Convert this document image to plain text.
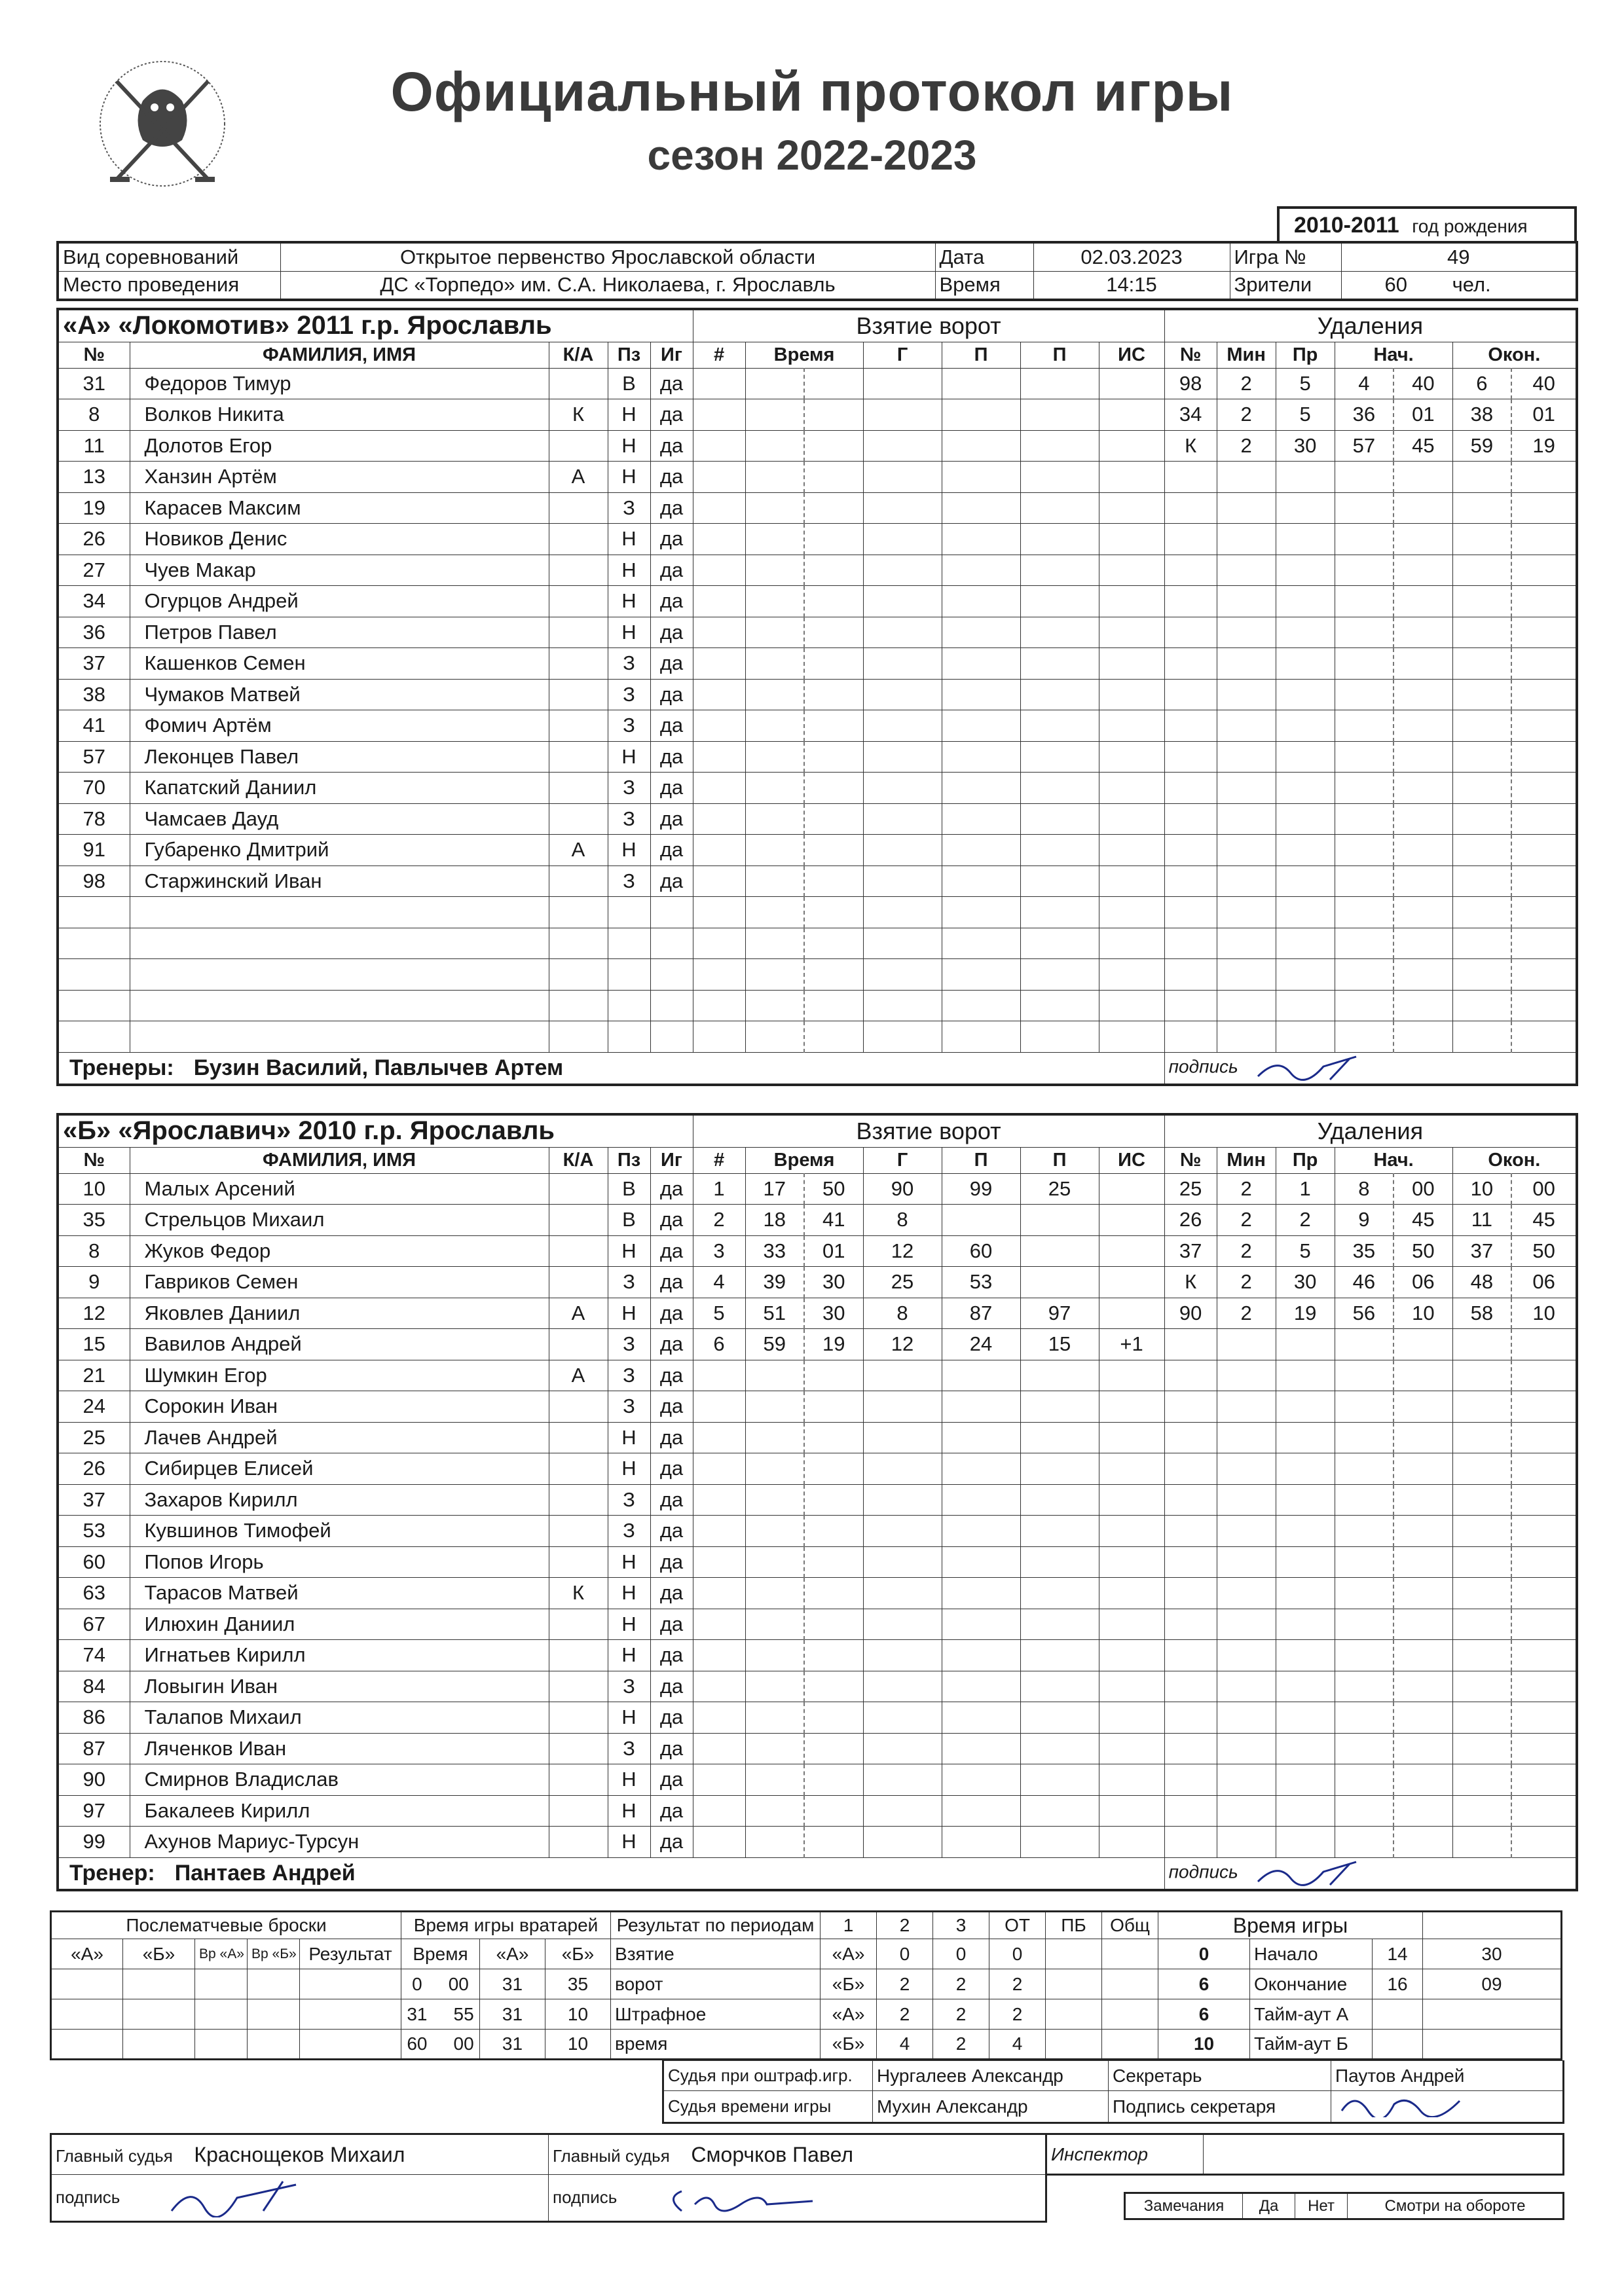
Официальный протокол игры
сезон 2022-2023
2010-2011 год рождения
Вид соревнований	Открытое первенство Ярославской области	Дата	02.03.2023	Игра №	49
Место проведения	ДС «Торпедо» им. С.А. Николаева, г. Ярославль	Время	14:15	Зрители	60 чел.
«А» «Локомотив» 2011 г.р. Ярославль					Взятие ворот							Удаления						
№	ФАМИЛИЯ, ИМЯ	К/А	Пз	Иг	#	Время		Г	П	П	ИС	№	Мин	Пр	Нач.		Окон.	
31	Федоров Тимур		В	да								98	2	5	4	40	6	40
8	Волков Никита	К	Н	да								34	2	5	36	01	38	01
11	Долотов Егор		Н	да								К	2	30	57	45	59	19
13	Ханзин Артём	А	Н	да														
19	Карасев Максим		З	да														
26	Новиков Денис		Н	да														
27	Чуев Макар		Н	да														
34	Огурцов Андрей		Н	да														
36	Петров Павел		Н	да														
37	Кашенков Семен		З	да														
38	Чумаков Матвей		З	да														
41	Фомич Артём		З	да														
57	Леконцев Павел		Н	да														
70	Капатский Даниил		З	да														
78	Чамсаев Дауд		З	да														
91	Губаренко Дмитрий	А	Н	да														
98	Старжинский Иван		З	да														

Тренеры: Бузин Василий, Павлычев Артем												подпись						
«Б» «Ярославич» 2010 г.р. Ярославль					Взятие ворот							Удаления						
№	ФАМИЛИЯ, ИМЯ	К/А	Пз	Иг	#	Время		Г	П	П	ИС	№	Мин	Пр	Нач.		Окон.	
10	Малых Арсений		В	да	1	17	50	90	99	25		25	2	1	8	00	10	00
35	Стрельцов Михаил		В	да	2	18	41	8				26	2	2	9	45	11	45
8	Жуков Федор		Н	да	3	33	01	12	60			37	2	5	35	50	37	50
9	Гавриков Семен		З	да	4	39	30	25	53			К	2	30	46	06	48	06
12	Яковлев Даниил	А	Н	да	5	51	30	8	87	97		90	2	19	56	10	58	10
15	Вавилов Андрей		З	да	6	59	19	12	24	15	+1							
21	Шумкин Егор	А	З	да														
24	Сорокин Иван		З	да														
25	Лачев Андрей		Н	да														
26	Сибирцев Елисей		Н	да														
37	Захаров Кирилл		З	да														
53	Кувшинов Тимофей		З	да														
60	Попов Игорь		Н	да														
63	Тарасов Матвей	К	Н	да														
67	Илюхин Даниил		Н	да														
74	Игнатьев Кирилл		Н	да														
84	Ловыгин Иван		З	да														
86	Талапов Михаил		Н	да														
87	Ляченков Иван		З	да														
90	Смирнов Владислав		Н	да														
97	Бакалеев Кирилл		Н	да														
99	Ахунов Мариус-Турсун		Н	да														
Тренер: Пантаев Андрей												подпись						
Послематчевые броски					Время игры вратарей			Результат по периодам	1	2	3	ОТ	ПБ	Общ	Время игры			
«А»	«Б»	Вр «А»	Вр «Б»	Результат	Время	«А»	«Б»	Взятие	«А»	0	0	0			0	Начало	14	30
					0 00	31	35	ворот	«Б»	2	2	2			6	Окончание	16	09
					31 55	31	10	Штрафное	«А»	2	2	2			6	Тайм-аут А		
					60 00	31	10	время	«Б»	4	2	4			10	Тайм-аут Б		
Судья при оштраф.игр.	Нургалеев Александр	Секретарь	Паутов Андрей
Судья времени игры	Мухин Александр	Подпись секретаря	
Главный судья Краснощеков Михаил	Главный судья Сморчков Павел
подпись	подпись
Инспектор	
Замечания	Да	Нет	Смотри на обороте
